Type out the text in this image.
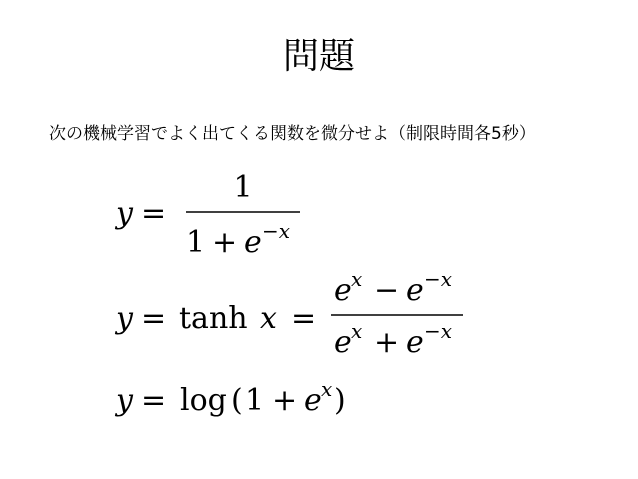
問題
次の機械学習でよく出てくる関数を微分せよ（制限時間各5秒）
y =
1
1 + e −x
y = tanh x =
e x − e −x
e x + e −x
y = log ( 1 + e x )
